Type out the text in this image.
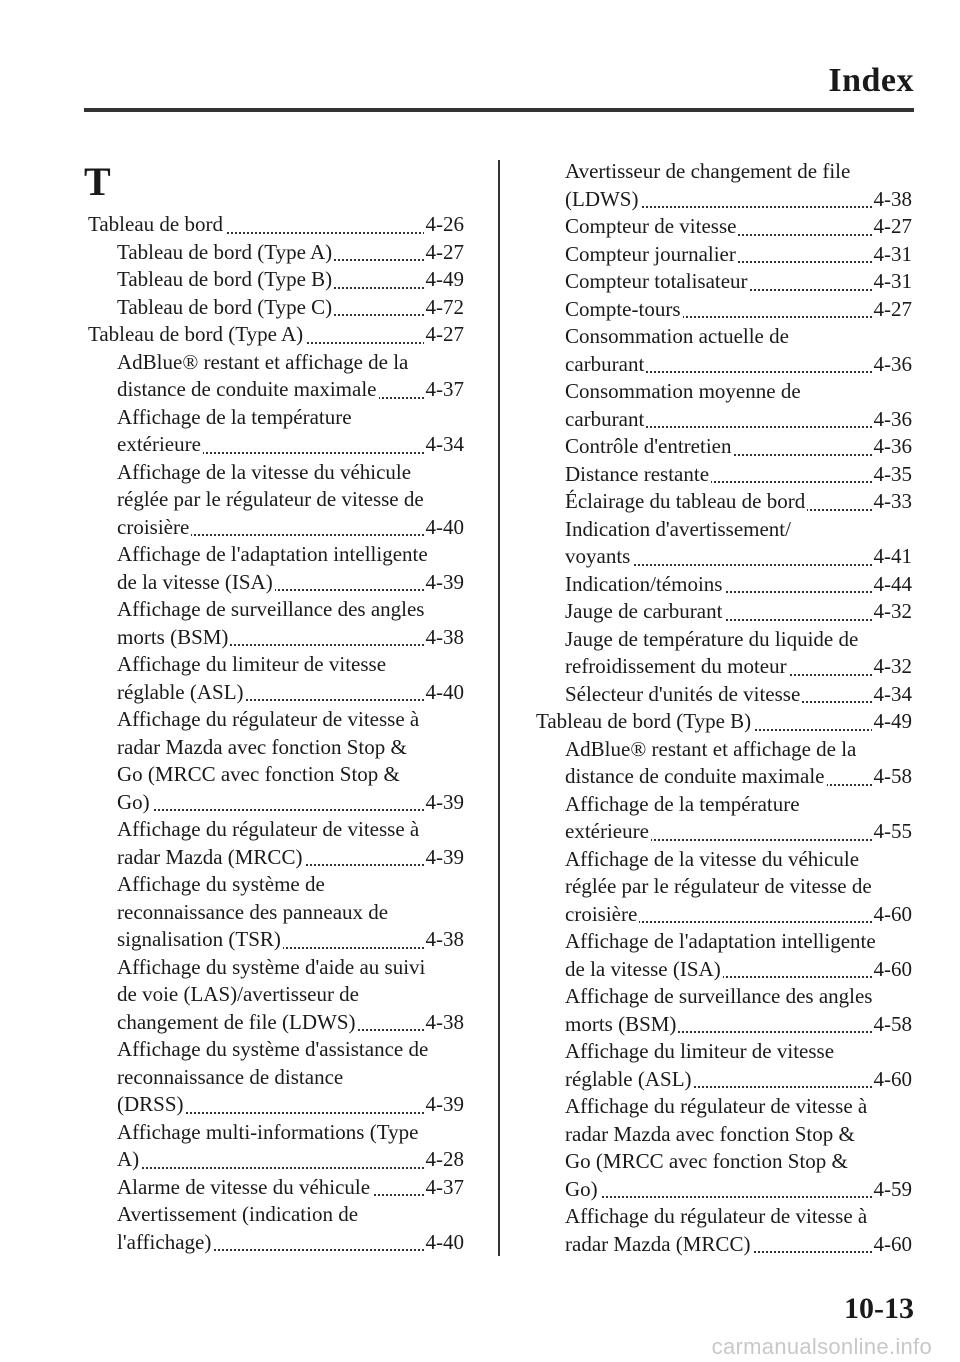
Index
T
Tableau de bord	4-26
Tableau de bord (Type A)	4-27
Tableau de bord (Type B)	4-49
Tableau de bord (Type C)	4-72
Tableau de bord (Type A)	4-27
AdBlue® restant et affichage de la
distance de conduite maximale 4-37
Affichage de la température
extérieure	4-34
Affichage de la vitesse du véhicule
réglée par le régulateur de vitesse de
croisière	4-40
Affichage de l'adaptation intelligente
de la vitesse (ISA)	4-39
Affichage de surveillance des angles
morts (BSM)	4-38
Affichage du limiteur de vitesse
réglable (ASL)	4-40
Affichage du régulateur de vitesse à
radar Mazda avec fonction Stop &
Go (MRCC avec fonction Stop &
Go)	4-39
Affichage du régulateur de vitesse à
radar Mazda (MRCC)	4-39
Affichage du système de
reconnaissance des panneaux de
signalisation (TSR)	4-38
Affichage du système d'aide au suivi
de voie (LAS)/avertisseur de
changement de file (LDWS)	4-38
Affichage du système d'assistance de
reconnaissance de distance
(DRSS)	4-39
Affichage multi-informations (Type
A)	4-28
Alarme de vitesse du véhicule	4-37
Avertissement (indication de
l'affichage)	4-40
Avertisseur de changement de file
(LDWS)	4-38
Compteur de vitesse	4-27
Compteur journalier	4-31
Compteur totalisateur	4-31
Compte-tours	4-27
Consommation actuelle de
carburant	4-36
Consommation moyenne de
carburant	4-36
Contrôle d'entretien	4-36
Distance restante	4-35
Éclairage du tableau de bord	4-33
Indication d'avertissement/
voyants	4-41
Indication/témoins	4-44
Jauge de carburant	4-32
Jauge de température du liquide de
refroidissement du moteur	4-32
Sélecteur d'unités de vitesse	4-34
Tableau de bord (Type B)	4-49
AdBlue® restant et affichage de la
distance de conduite maximale 4-58
Affichage de la température
extérieure	4-55
Affichage de la vitesse du véhicule
réglée par le régulateur de vitesse de
croisière	4-60
Affichage de l'adaptation intelligente
de la vitesse (ISA)	4-60
Affichage de surveillance des angles
morts (BSM)	4-58
Affichage du limiteur de vitesse
réglable (ASL)	4-60
Affichage du régulateur de vitesse à
radar Mazda avec fonction Stop &
Go (MRCC avec fonction Stop &
Go)	4-59
Affichage du régulateur de vitesse à
radar Mazda (MRCC)	4-60
10-13
carmanualsonline.info
